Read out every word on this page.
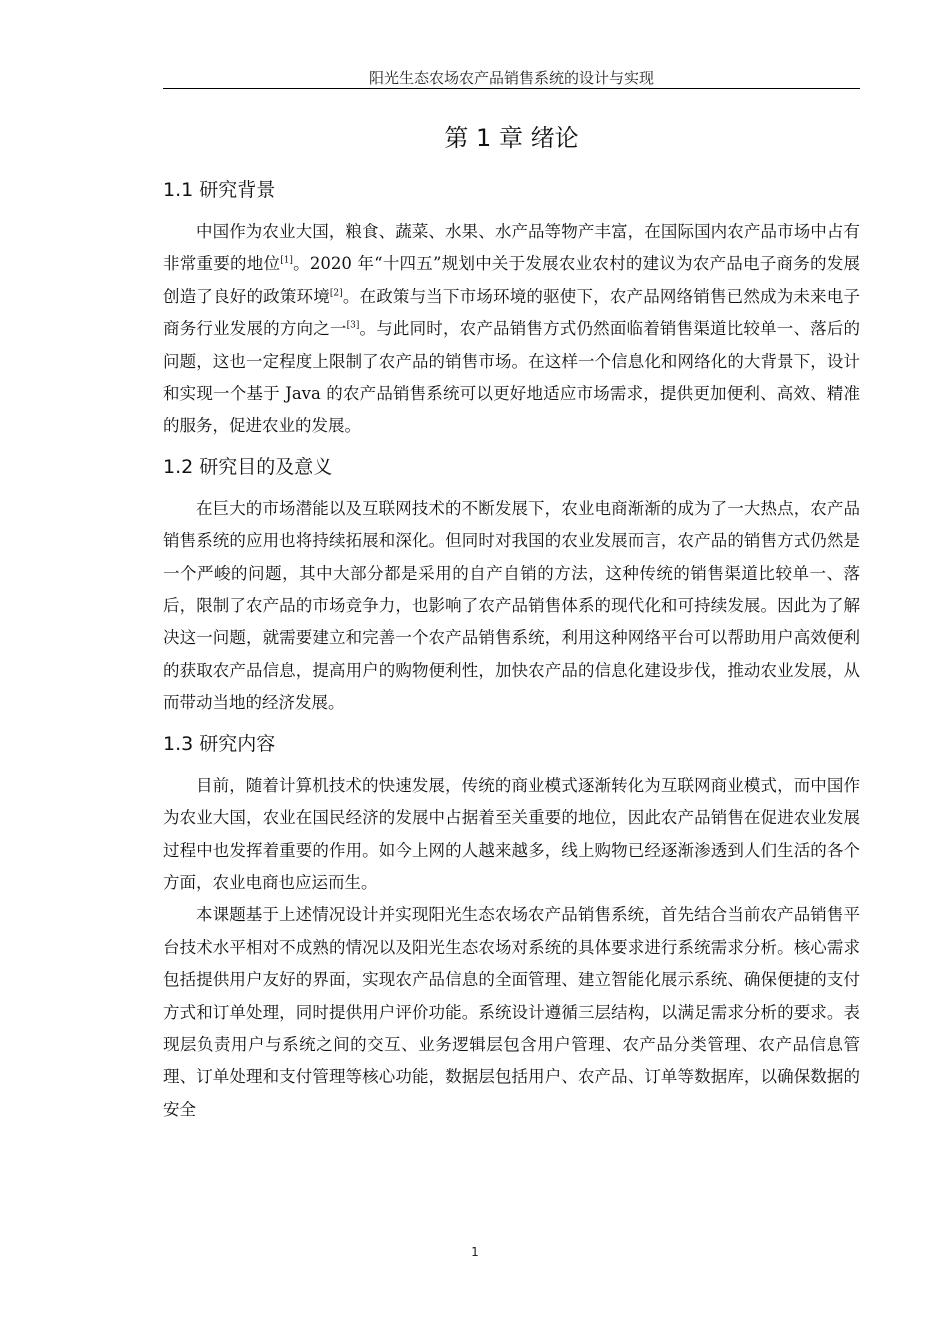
阳光生态农场农产品销售系统的设计与实现
第 1 章 绪论
1.1 研究背景

中国作为农业大国，粮食、蔬菜、水果、水产品等物产丰富，在国际国内农产品市场中占有非常重要的地位[1]。2020 年“十四五”规划中关于发展农业农村的建议为农产品电子商务的发展创造了良好的政策环境[2]。在政策与当下市场环境的驱使下，农产品网络销售已然成为未来电子商务行业发展的方向之一[3]。与此同时，农产品销售方式仍然面临着销售渠道比较单一、落后的问题，这也一定程度上限制了农产品的销售市场。在这样一个信息化和网络化的大背景下，设计和实现一个基于 Java 的农产品销售系统可以更好地适应市场需求，提供更加便利、高效、精准的服务，促进农业的发展。

1.2 研究目的及意义

在巨大的市场潜能以及互联网技术的不断发展下，农业电商渐渐的成为了一大热点，农产品销售系统的应用也将持续拓展和深化。但同时对我国的农业发展而言，农产品的销售方式仍然是一个严峻的问题，其中大部分都是采用的自产自销的方法，这种传统的销售渠道比较单一、落后，限制了农产品的市场竞争力，也影响了农产品销售体系的现代化和可持续发展。因此为了解决这一问题，就需要建立和完善一个农产品销售系统，利用这种网络平台可以帮助用户高效便利的获取农产品信息，提高用户的购物便利性，加快农产品的信息化建设步伐，推动农业发展，从而带动当地的经济发展。

1.3 研究内容

目前，随着计算机技术的快速发展，传统的商业模式逐渐转化为互联网商业模式，而中国作为农业大国，农业在国民经济的发展中占据着至关重要的地位，因此农产品销售在促进农业发展过程中也发挥着重要的作用。如今上网的人越来越多，线上购物已经逐渐渗透到人们生活的各个方面，农业电商也应运而生。

本课题基于上述情况设计并实现阳光生态农场农产品销售系统，首先结合当前农产品销售平台技术水平相对不成熟的情况以及阳光生态农场对系统的具体要求进行系统需求分析。核心需求包括提供用户友好的界面，实现农产品信息的全面管理、建立智能化展示系统、确保便捷的支付方式和订单处理，同时提供用户评价功能。系统设计遵循三层结构，以满足需求分析的要求。表现层负责用户与系统之间的交互、业务逻辑层包含用户管理、农产品分类管理、农产品信息管理、订单处理和支付管理等核心功能，数据层包括用户、农产品、订单等数据库，以确保数据的安全

1
